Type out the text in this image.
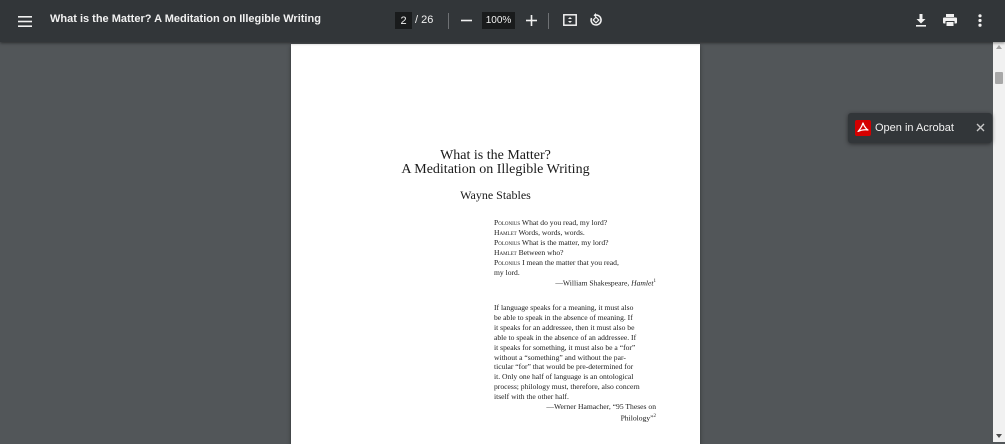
What is the Matter? A Meditation on Illegible Writing	2 / 26	100%
What is the Matter?
A Meditation on Illegible Writing
Wayne Stables
Polonius What do you read, my lord?
Hamlet Words, words, words.
Polonius What is the matter, my lord?
Hamlet Between who?
Polonius I mean the matter that you read,
my lord.
—William Shakespeare, Hamlet$^1$
If language speaks for a meaning, it must also
be able to speak in the absence of meaning. If
it speaks for an addressee, then it must also be
able to speak in the absence of an addressee. If
it speaks for something, it must also be a “for”
without a “something” and without the par-
ticular “for” that would be pre-determined for
it. Only one half of language is an ontological
process; philology must, therefore, also concern
itself with the other half.
—Werner Hamacher, “95 Theses on
Philology”$^2$
Open in Acrobat
